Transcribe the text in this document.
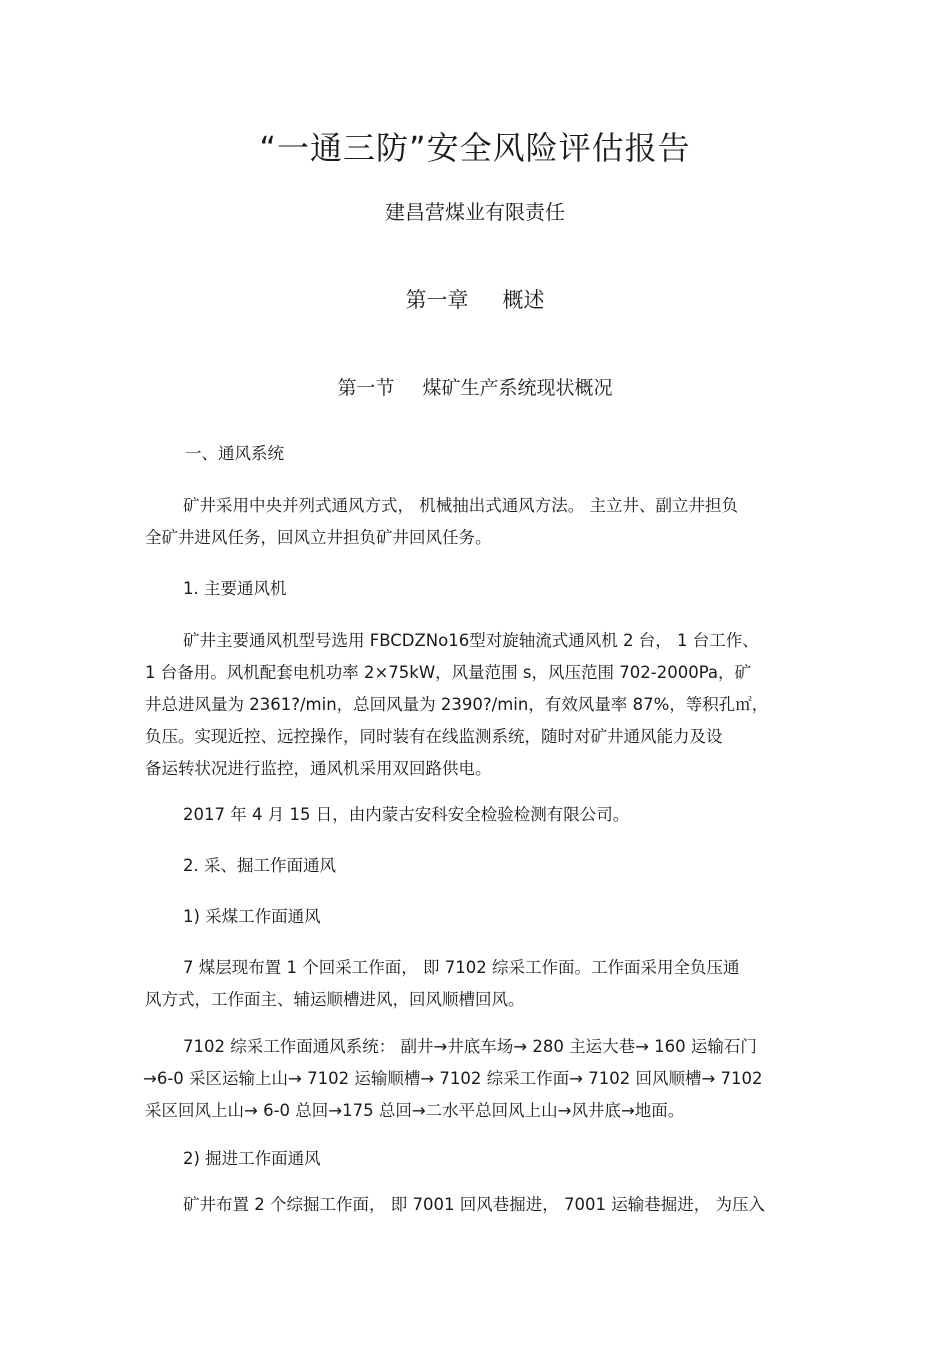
“一通三防”安全风险评估报告
建昌营煤业有限责任
第一章 概述
第一节 煤矿生产系统现状概况
一、通风系统
矿井采用中央并列式通风方式， 机械抽出式通风方法。 主立井、副立井担负
全矿井进风任务，回风立井担负矿井回风任务。
1. 主要通风机
矿井主要通风机型号选用 FBCDZNo16型对旋轴流式通风机 2 台， 1 台工作、
1 台备用。风机配套电机功率 2×75kW，风量范围 s，风压范围 702-2000Pa，矿
井总进风量为 2361?/min，总回风量为 2390?/min，有效风量率 87%，等积孔㎡，
负压。实现近控、远控操作，同时装有在线监测系统，随时对矿井通风能力及设
备运转状况进行监控，通风机采用双回路供电。
2017 年 4 月 15 日，由内蒙古安科安全检验检测有限公司。
2. 采、掘工作面通风
1) 采煤工作面通风
7 煤层现布置 1 个回采工作面， 即 7102 综采工作面。工作面采用全负压通
风方式，工作面主、辅运顺槽进风，回风顺槽回风。
7102 综采工作面通风系统： 副井→井底车场→ 280 主运大巷→ 160 运输石门
→6-0 采区运输上山→ 7102 运输顺槽→ 7102 综采工作面→ 7102 回风顺槽→ 7102
采区回风上山→ 6-0 总回→175 总回→二水平总回风上山→风井底→地面。
2) 掘进工作面通风
矿井布置 2 个综掘工作面， 即 7001 回风巷掘进， 7001 运输巷掘进， 为压入
